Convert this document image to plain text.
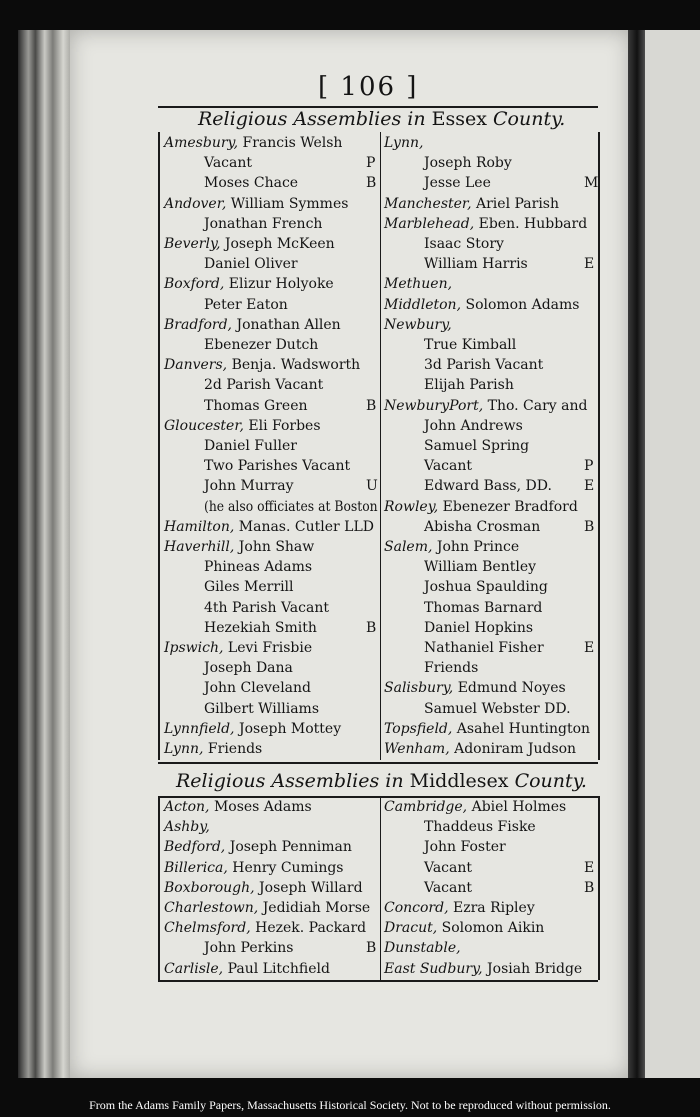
[ 106 ]
Religious Assemblies in Essex County.
Amesbury, Francis Welsh
Vacant	P
Moses Chace	B
Andover, William Symmes
Jonathan French
Beverly, Joseph McKeen
Daniel Oliver
Boxford, Elizur Holyoke
Peter Eaton
Bradford, Jonathan Allen
Ebenezer Dutch
Danvers, Benja. Wadsworth
2d Parish Vacant
Thomas Green	B
Gloucester, Eli Forbes
Daniel Fuller
Two Parishes Vacant
John Murray	U
(he also officiates at Boston
Hamilton, Manas. Cutler LLD
Haverhill, John Shaw
Phineas Adams
Giles Merrill
4th Parish Vacant
Hezekiah Smith	B
Ipswich, Levi Frisbie
Joseph Dana
John Cleveland
Gilbert Williams
Lynnfield, Joseph Mottey
Lynn, Friends
Lynn,
Joseph Roby
Jesse Lee	M
Manchester, Ariel Parish
Marblehead, Eben. Hubbard
Isaac Story
William Harris	E
Methuen,
Middleton, Solomon Adams
Newbury,
True Kimball
3d Parish Vacant
Elijah Parish
NewburyPort, Tho. Cary and
John Andrews
Samuel Spring
Vacant	P
Edward Bass, DD. E
Rowley, Ebenezer Bradford
Abisha Crosman	B
Salem, John Prince
William Bentley
Joshua Spaulding
Thomas Barnard
Daniel Hopkins
Nathaniel Fisher	E
Friends
Salisbury, Edmund Noyes
Samuel Webster DD.
Topsfield, Asahel Huntington
Wenham, Adoniram Judson
Religious Assemblies in Middlesex County.
Acton, Moses Adams
Ashby,
Bedford, Joseph Penniman
Billerica, Henry Cumings
Boxborough, Joseph Willard
Charlestown, Jedidiah Morse
Chelmsford, Hezek. Packard
John Perkins	B
Carlisle, Paul Litchfield
Cambridge, Abiel Holmes
Thaddeus Fiske
John Foster
Vacant	E
Vacant	B
Concord, Ezra Ripley
Dracut, Solomon Aikin
Dunstable,
East Sudbury, Josiah Bridge
From the Adams Family Papers, Massachusetts Historical Society. Not to be reproduced without permission.
